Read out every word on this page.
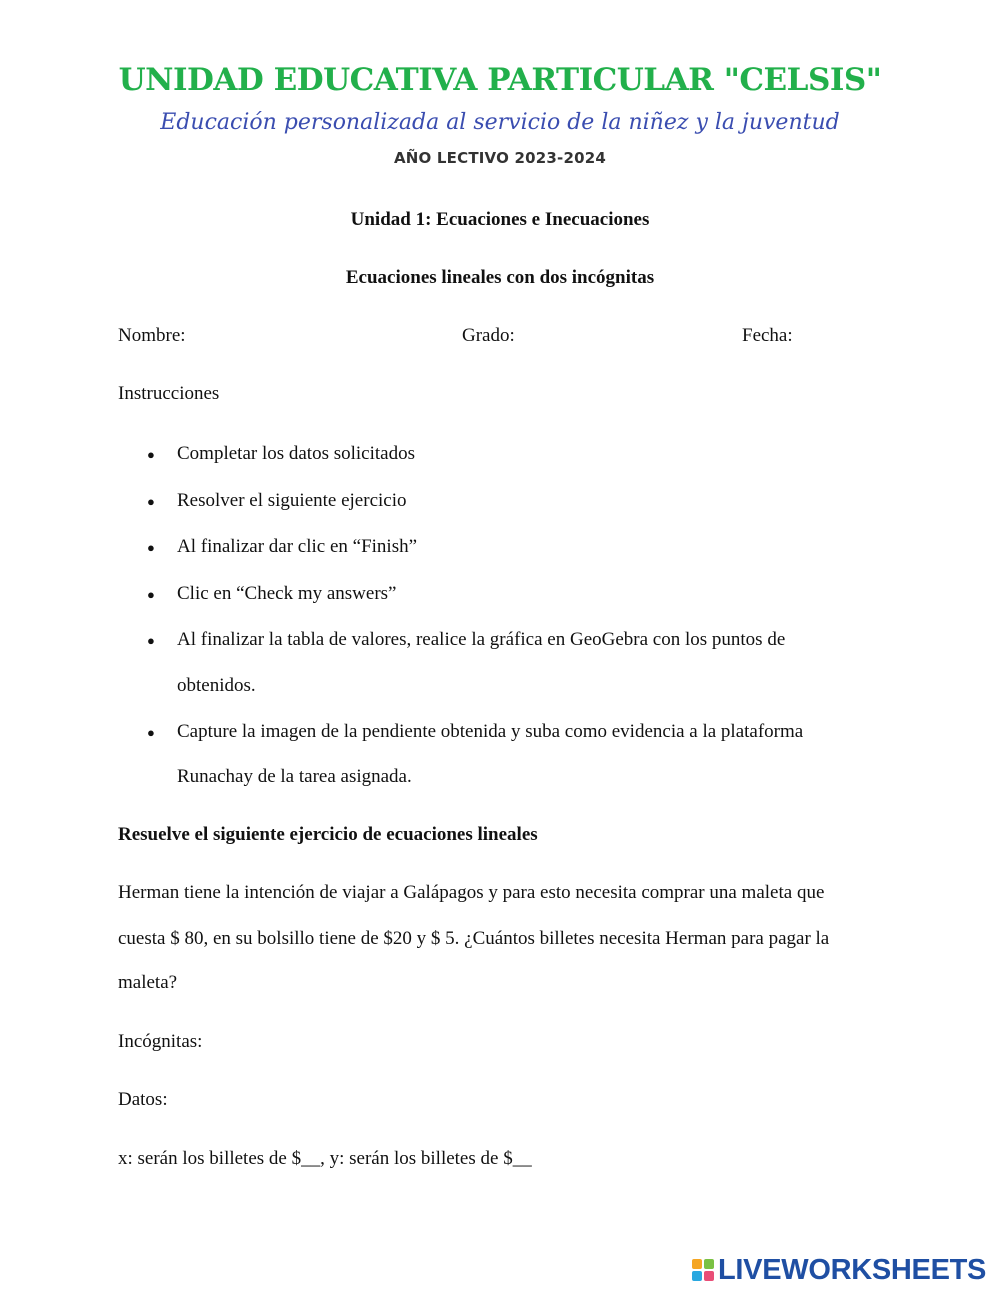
UNIDAD EDUCATIVA PARTICULAR "CELSIS"
Educación personalizada al servicio de la niñez y la juventud
AÑO LECTIVO 2023-2024
Unidad 1: Ecuaciones e Inecuaciones
Ecuaciones lineales con dos incógnitas
Nombre:	Grado:	Fecha:
Instrucciones
● Completar los datos solicitados
● Resolver el siguiente ejercicio
● Al finalizar dar clic en “Finish”
● Clic en “Check my answers”
● Al finalizar la tabla de valores, realice la gráfica en GeoGebra con los puntos de
obtenidos.
● Capture la imagen de la pendiente obtenida y suba como evidencia a la plataforma
Runachay de la tarea asignada.
Resuelve el siguiente ejercicio de ecuaciones lineales
Herman tiene la intención de viajar a Galápagos y para esto necesita comprar una maleta que
cuesta $ 80, en su bolsillo tiene de $20 y $ 5. ¿Cuántos billetes necesita Herman para pagar la
maleta?
Incógnitas:
Datos:
x: serán los billetes de $__, y: serán los billetes de $__
LIVEWORKSHEETS
